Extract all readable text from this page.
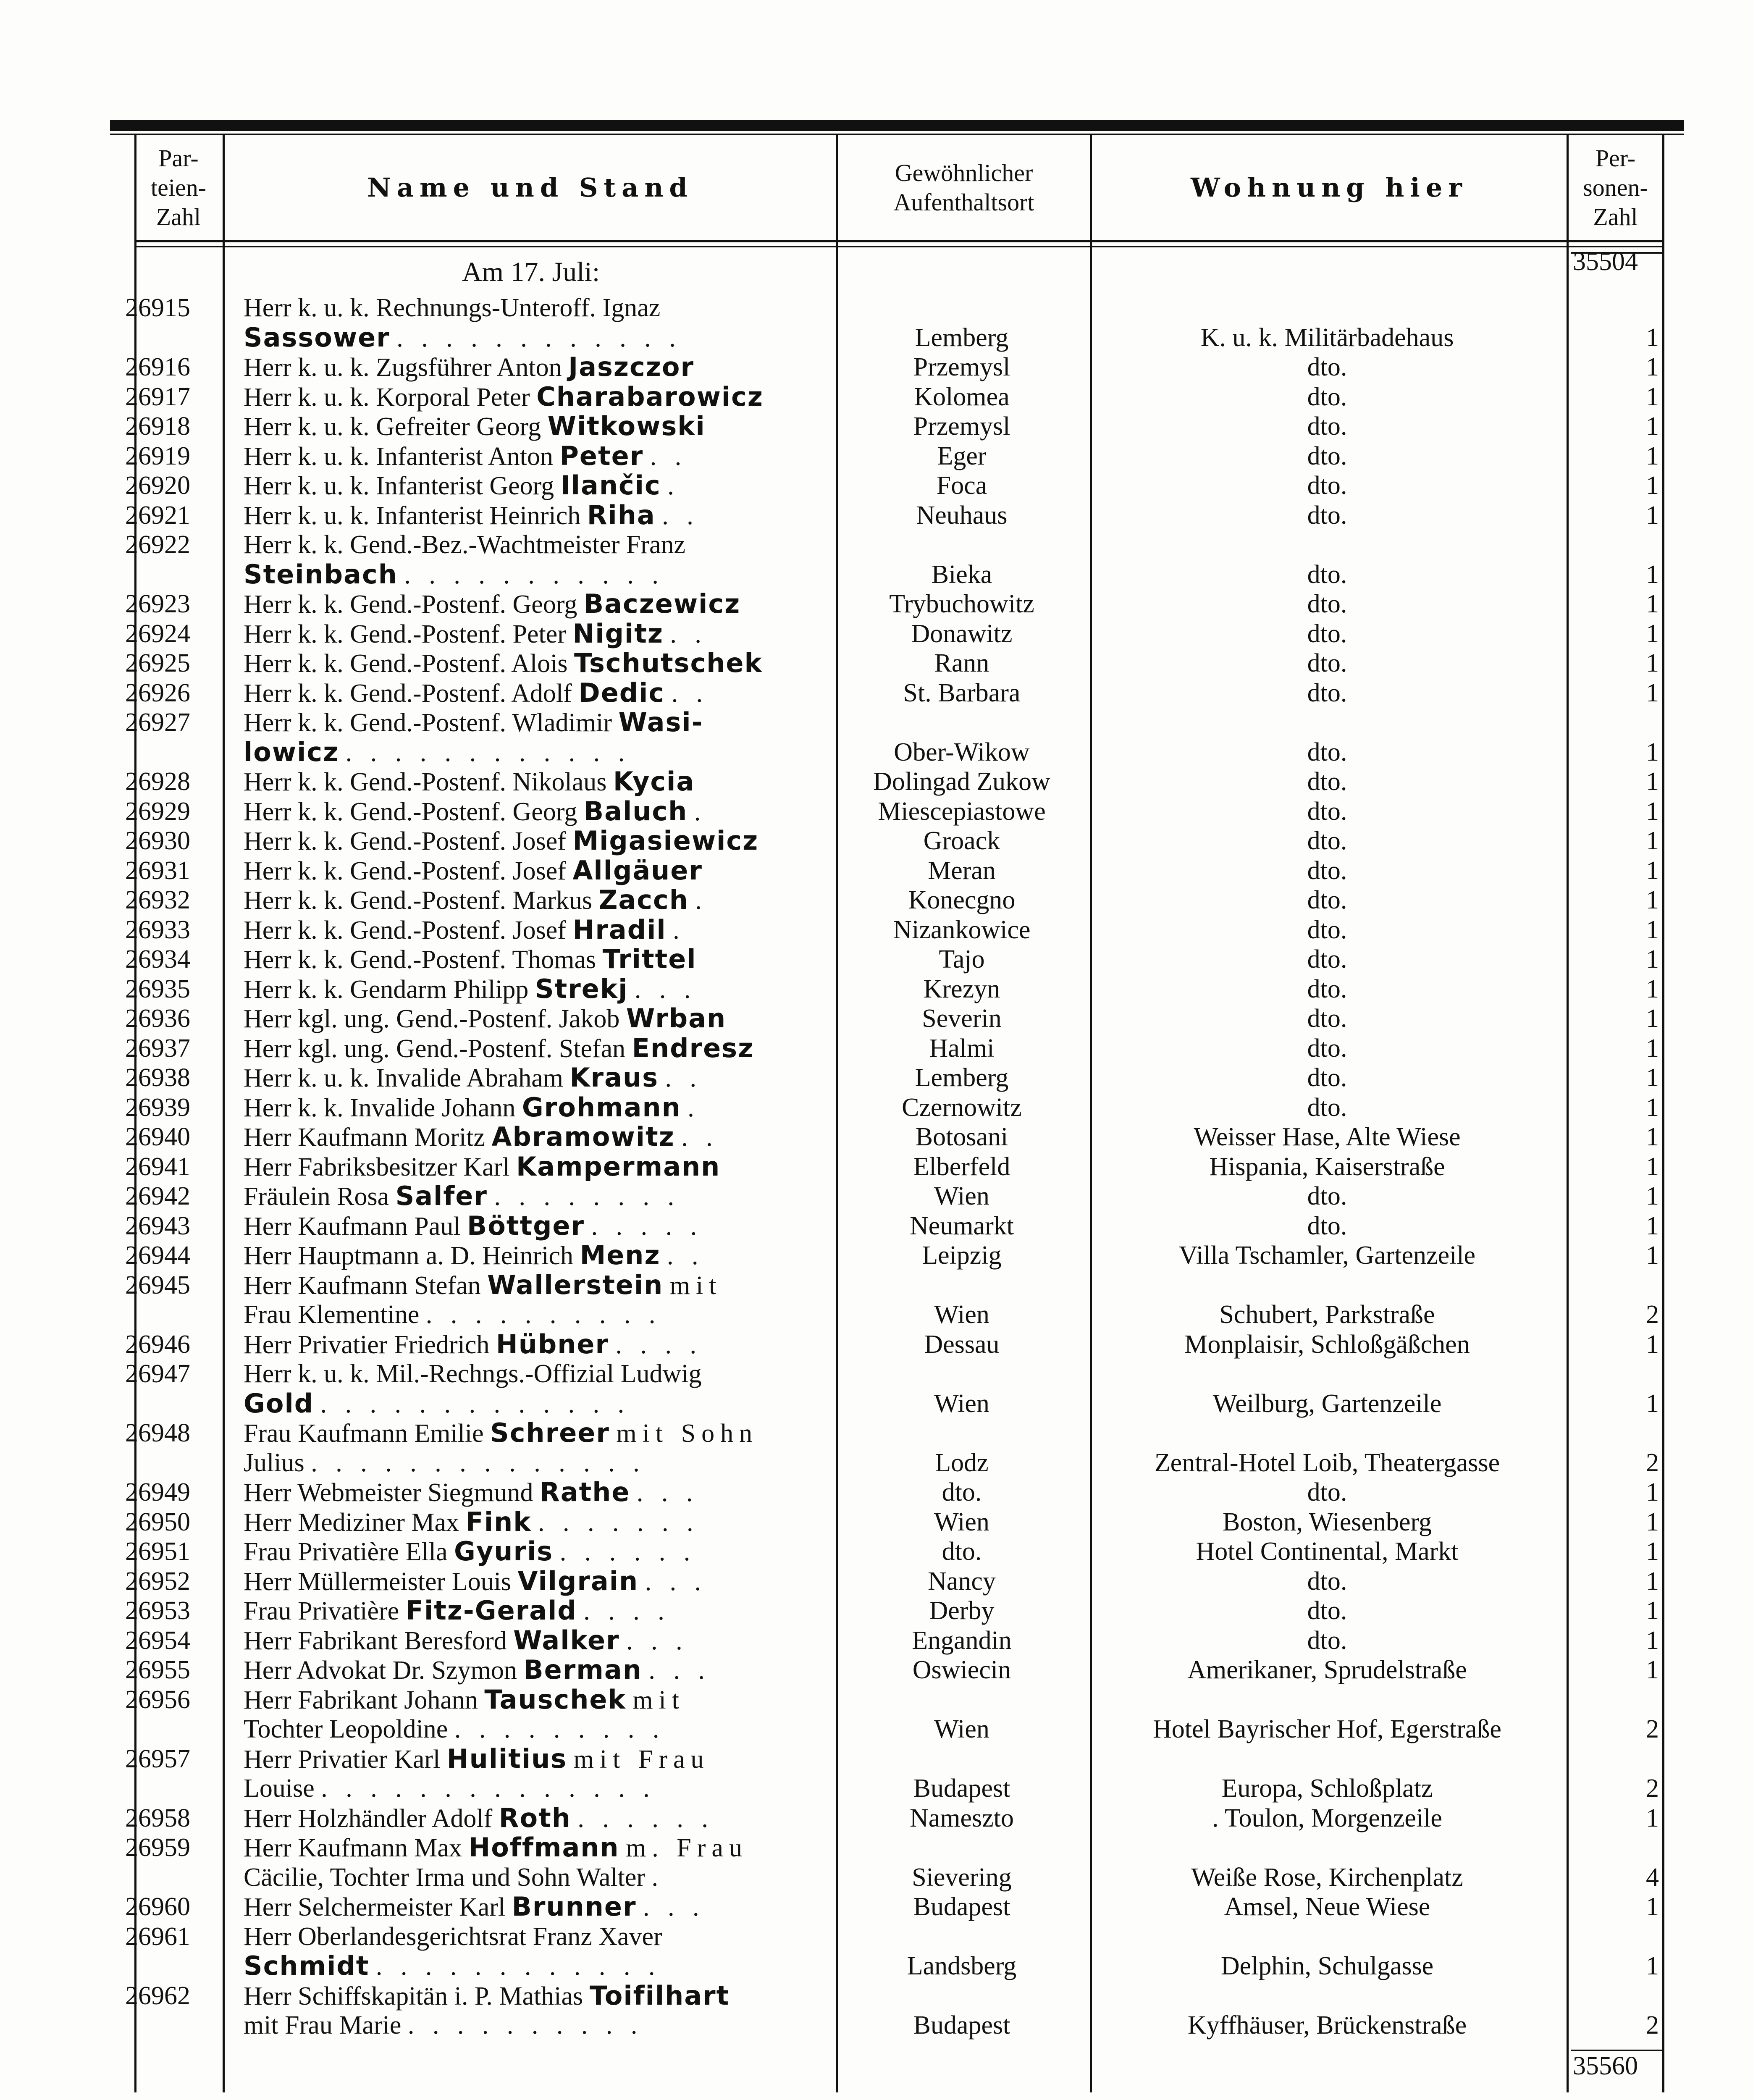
Par-
teien-
Zahl
Name und Stand	Gewöhnlicher
Aufenthaltsort	Wohnung hier
Per-
sonen-
Zahl
Am 17. Juli:	35504
26915	Herr k. u. k. Rechnungs-Unteroff. Ignaz
Sassower . . . . . . . . . . . .	Lemberg	K. u. k. Militärbadehaus	1
26916	Herr k. u. k. Zugsführer Anton Jaszczor	Przemysl	dto.	1
26917	Herr k. u. k. Korporal Peter Charabarowicz	Kolomea	dto.	1
26918	Herr k. u. k. Gefreiter Georg Witkowski	Przemysl	dto.	1
26919	Herr k. u. k. Infanterist Anton Peter . .	Eger	dto.	1
26920	Herr k. u. k. Infanterist Georg Ilančic .	Foca	dto.	1
26921	Herr k. u. k. Infanterist Heinrich Riha . .	Neuhaus	dto.	1
26922	Herr k. k. Gend.-Bez.-Wachtmeister Franz
Steinbach . . . . . . . . . . .	Bieka	dto.	1
26923	Herr k. k. Gend.-Postenf. Georg Baczewicz	Trybuchowitz	dto.	1
26924	Herr k. k. Gend.-Postenf. Peter Nigitz . .	Donawitz	dto.	1
26925	Herr k. k. Gend.-Postenf. Alois Tschutschek	Rann	dto.	1
26926	Herr k. k. Gend.-Postenf. Adolf Dedic . .	St. Barbara	dto.	1
26927	Herr k. k. Gend.-Postenf. Wladimir Wasi-
lowicz . . . . . . . . . . . .	Ober-Wikow	dto.	1
26928	Herr k. k. Gend.-Postenf. Nikolaus Kycia	Dolingad Zukow	dto.	1
26929	Herr k. k. Gend.-Postenf. Georg Baluch .	Miescepiastowe	dto.	1
26930	Herr k. k. Gend.-Postenf. Josef Migasiewicz	Groack	dto.	1
26931	Herr k. k. Gend.-Postenf. Josef Allgäuer	Meran	dto.	1
26932	Herr k. k. Gend.-Postenf. Markus Zacch .	Konecgno	dto.	1
26933	Herr k. k. Gend.-Postenf. Josef Hradil .	Nizankowice	dto.	1
26934	Herr k. k. Gend.-Postenf. Thomas Trittel	Tajo	dto.	1
26935	Herr k. k. Gendarm Philipp Strekj . . .	Krezyn	dto.	1
26936	Herr kgl. ung. Gend.-Postenf. Jakob Wrban	Severin	dto.	1
26937	Herr kgl. ung. Gend.-Postenf. Stefan Endresz	Halmi	dto.	1
26938	Herr k. u. k. Invalide Abraham Kraus . .	Lemberg	dto.	1
26939	Herr k. k. Invalide Johann Grohmann .	Czernowitz	dto.	1
26940	Herr Kaufmann Moritz Abramowitz . .	Botosani	Weisser Hase, Alte Wiese	1
26941	Herr Fabriksbesitzer Karl Kampermann	Elberfeld	Hispania, Kaiserstraße	1
26942	Fräulein Rosa Salfer . . . . . . . .	Wien	dto.	1
26943	Herr Kaufmann Paul Böttger . . . . .	Neumarkt	dto.	1
26944	Herr Hauptmann a. D. Heinrich Menz . .	Leipzig	Villa Tschamler, Gartenzeile	1
26945	Herr Kaufmann Stefan Wallerstein mit
Frau Klementine . . . . . . . . . .	Wien	Schubert, Parkstraße	2
26946	Herr Privatier Friedrich Hübner . . . .	Dessau	Monplaisir, Schloßgäßchen	1
26947	Herr k. u. k. Mil.-Rechngs.-Offizial Ludwig
Gold . . . . . . . . . . . . .	Wien	Weilburg, Gartenzeile	1
26948	Frau Kaufmann Emilie Schreer mit Sohn
Julius . . . . . . . . . . . . . .	Lodz	Zentral-Hotel Loib, Theatergasse	2
26949	Herr Webmeister Siegmund Rathe . . .	dto.	dto.	1
26950	Herr Mediziner Max Fink . . . . . . .	Wien	Boston, Wiesenberg	1
26951	Frau Privatière Ella Gyuris . . . . . .	dto.	Hotel Continental, Markt	1
26952	Herr Müllermeister Louis Vilgrain . . .	Nancy	dto.	1
26953	Frau Privatière Fitz-Gerald . . . .	Derby	dto.	1
26954	Herr Fabrikant Beresford Walker . . .	Engandin	dto.	1
26955	Herr Advokat Dr. Szymon Berman . . .	Oswiecin	Amerikaner, Sprudelstraße	1
26956	Herr Fabrikant Johann Tauschek mit
Tochter Leopoldine . . . . . . . . .	Wien	Hotel Bayrischer Hof, Egerstraße	2
26957	Herr Privatier Karl Hulitius mit Frau
Louise . . . . . . . . . . . . . .	Budapest	Europa, Schloßplatz	2
26958	Herr Holzhändler Adolf Roth . . . . . .	Nameszto	. Toulon, Morgenzeile	1
26959	Herr Kaufmann Max Hoffmann m. Frau
Cäcilie, Tochter Irma und Sohn Walter .	Sievering	Weiße Rose, Kirchenplatz	4
26960	Herr Selchermeister Karl Brunner . . .	Budapest	Amsel, Neue Wiese	1
26961	Herr Oberlandesgerichtsrat Franz Xaver
Schmidt . . . . . . . . . . . .	Landsberg	Delphin, Schulgasse	1
26962	Herr Schiffskapitän i. P. Mathias Toifilhart
mit Frau Marie . . . . . . . . . .	Budapest	Kyffhäuser, Brückenstraße	2
35560
